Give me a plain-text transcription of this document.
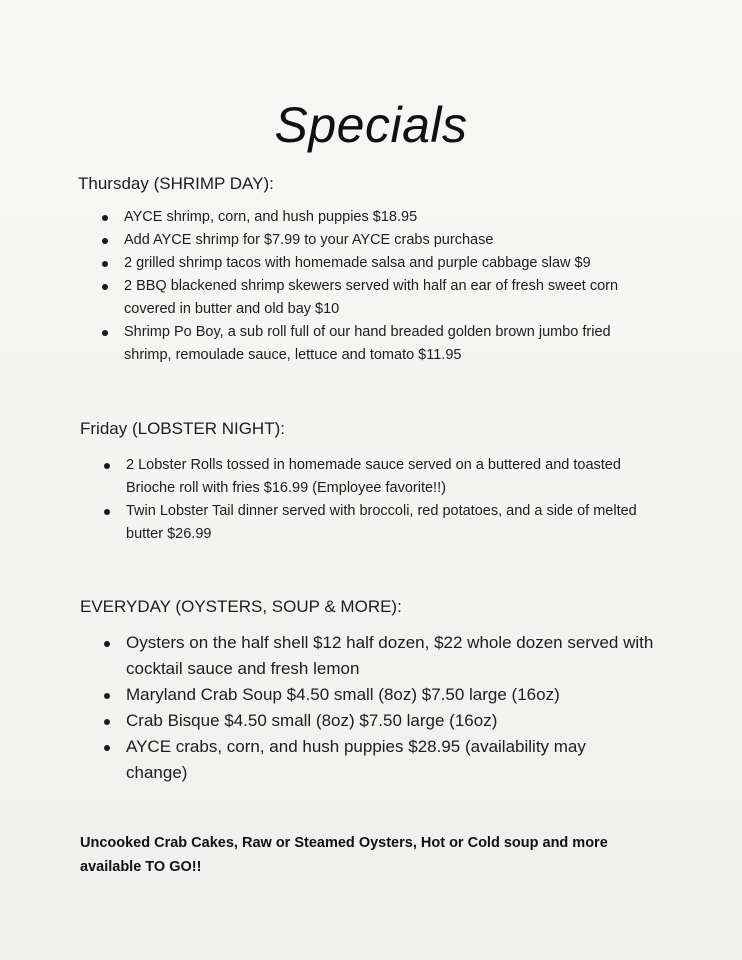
Specials
Thursday (SHRIMP DAY):
AYCE shrimp, corn, and hush puppies $18.95
Add AYCE shrimp for $7.99 to your AYCE crabs purchase
2 grilled shrimp tacos with homemade salsa and purple cabbage slaw $9
2 BBQ blackened shrimp skewers served with half an ear of fresh sweet corn covered in butter and old bay $10
Shrimp Po Boy, a sub roll full of our hand breaded golden brown jumbo fried shrimp, remoulade sauce, lettuce and tomato $11.95
Friday (LOBSTER NIGHT):
2 Lobster Rolls tossed in homemade sauce served on a buttered and toasted Brioche roll with fries $16.99 (Employee favorite!!)
Twin Lobster Tail dinner served with broccoli, red potatoes, and a side of melted butter $26.99
EVERYDAY (OYSTERS, SOUP & MORE):
Oysters on the half shell $12 half dozen, $22 whole dozen served with cocktail sauce and fresh lemon
Maryland Crab Soup $4.50 small (8oz) $7.50 large (16oz)
Crab Bisque $4.50 small (8oz) $7.50 large (16oz)
AYCE crabs, corn, and hush puppies $28.95 (availability may change)
Uncooked Crab Cakes, Raw or Steamed Oysters, Hot or Cold soup and more available TO GO!!
